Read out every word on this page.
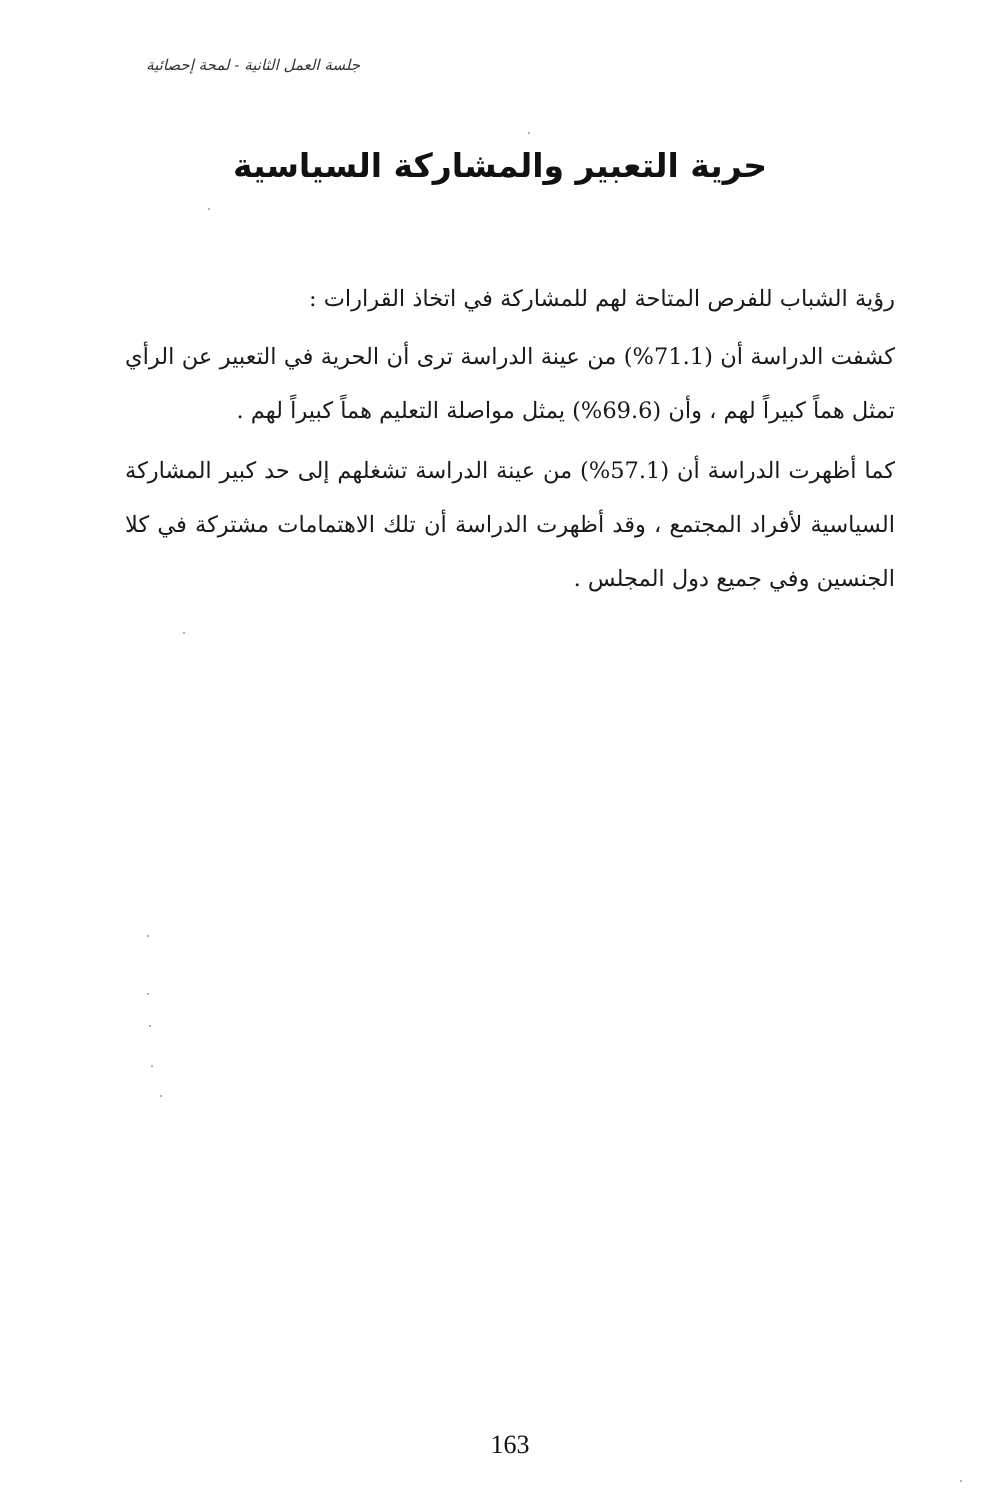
جلسة العمل الثانية - لمحة إحصائية
حرية التعبير والمشاركة السياسية

رؤية الشباب للفرص المتاحة لهم للمشاركة في اتخاذ القرارات :

كشفت الدراسة أن (71.1%) من عينة الدراسة ترى أن الحرية في التعبير عن الرأي تمثل هماً كبيراً لهم ، وأن (69.6%) يمثل مواصلة التعليم هماً كبيراً لهم .

كما أظهرت الدراسة أن (57.1%) من عينة الدراسة تشغلهم إلى حد كبير المشاركة السياسية لأفراد المجتمع ، وقد أظهرت الدراسة أن تلك الاهتمامات مشتركة في كلا الجنسين وفي جميع دول المجلس .

163
